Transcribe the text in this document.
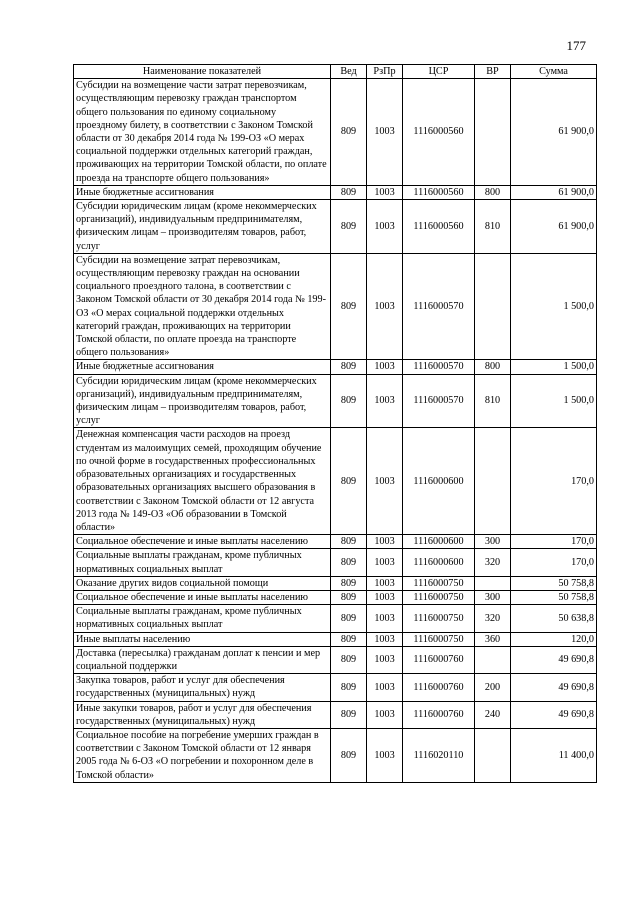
177
Наименование показателей	Вед	РзПр	ЦСР	ВР	Сумма
Субсидии на возмещение части затрат перевозчикам, осуществляющим перевозку граждан транспортом общего пользования по единому социальному проездному билету, в соответствии с Законом Томской области от 30 декабря 2014 года № 199-ОЗ «О мерах социальной поддержки отдельных категорий граждан, проживающих на территории Томской области, по оплате проезда на транспорте общего пользования»	809	1003	1116000560		61 900,0
Иные бюджетные ассигнования	809	1003	1116000560	800	61 900,0
Субсидии юридическим лицам (кроме некоммерческих организаций), индивидуальным предпринимателям, физическим лицам – производителям товаров, работ, услуг	809	1003	1116000560	810	61 900,0
Субсидии на возмещение затрат перевозчикам, осуществляющим перевозку граждан на основании социального проездного талона, в соответствии с Законом Томской области от 30 декабря 2014 года № 199-ОЗ «О мерах социальной поддержки отдельных категорий граждан, проживающих на территории Томской области, по оплате проезда на транспорте общего пользования»	809	1003	1116000570		1 500,0
Иные бюджетные ассигнования	809	1003	1116000570	800	1 500,0
Субсидии юридическим лицам (кроме некоммерческих организаций), индивидуальным предпринимателям, физическим лицам – производителям товаров, работ, услуг	809	1003	1116000570	810	1 500,0
Денежная компенсация части расходов на проезд студентам из малоимущих семей, проходящим обучение по очной форме в государственных профессиональных образовательных организациях и государственных образовательных организациях высшего образования в соответствии с Законом Томской области от 12 августа 2013 года № 149-ОЗ «Об образовании в Томской области»	809	1003	1116000600		170,0
Социальное обеспечение и иные выплаты населению	809	1003	1116000600	300	170,0
Социальные выплаты гражданам, кроме публичных нормативных социальных выплат	809	1003	1116000600	320	170,0
Оказание других видов социальной помощи	809	1003	1116000750		50 758,8
Социальное обеспечение и иные выплаты населению	809	1003	1116000750	300	50 758,8
Социальные выплаты гражданам, кроме публичных нормативных социальных выплат	809	1003	1116000750	320	50 638,8
Иные выплаты населению	809	1003	1116000750	360	120,0
Доставка (пересылка) гражданам доплат к пенсии и мер социальной поддержки	809	1003	1116000760		49 690,8
Закупка товаров, работ и услуг для обеспечения государственных (муниципальных) нужд	809	1003	1116000760	200	49 690,8
Иные закупки товаров, работ и услуг для обеспечения государственных (муниципальных) нужд	809	1003	1116000760	240	49 690,8
Социальное пособие на погребение умерших граждан в соответствии с Законом Томской области от 12 января 2005 года № 6-ОЗ «О погребении и похоронном деле в Томской области»	809	1003	1116020110		11 400,0
